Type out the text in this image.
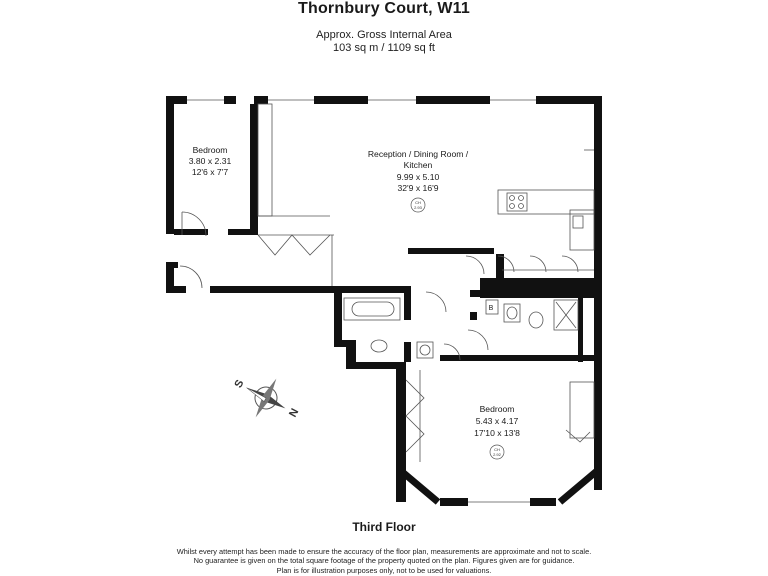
Thornbury Court, W11
Approx. Gross Internal Area
103 sq m / 1109 sq ft
Bedroom
3.80 x 2.31
12'6 x 7'7
Reception / Dining Room /
Kitchen
9.99 x 5.10
32'9 x 16'9
CH
2.93
Bedroom
5.43 x 4.17
17'10 x 13'8
CH
2.92
B
S
N
Third Floor
Whilst every attempt has been made to ensure the accuracy of the floor plan, measurements are approximate and not to scale.
No guarantee is given on the total square footage of the property quoted on the plan. Figures given are for guidance.
Plan is for illustration purposes only, not to be used for valuations.
